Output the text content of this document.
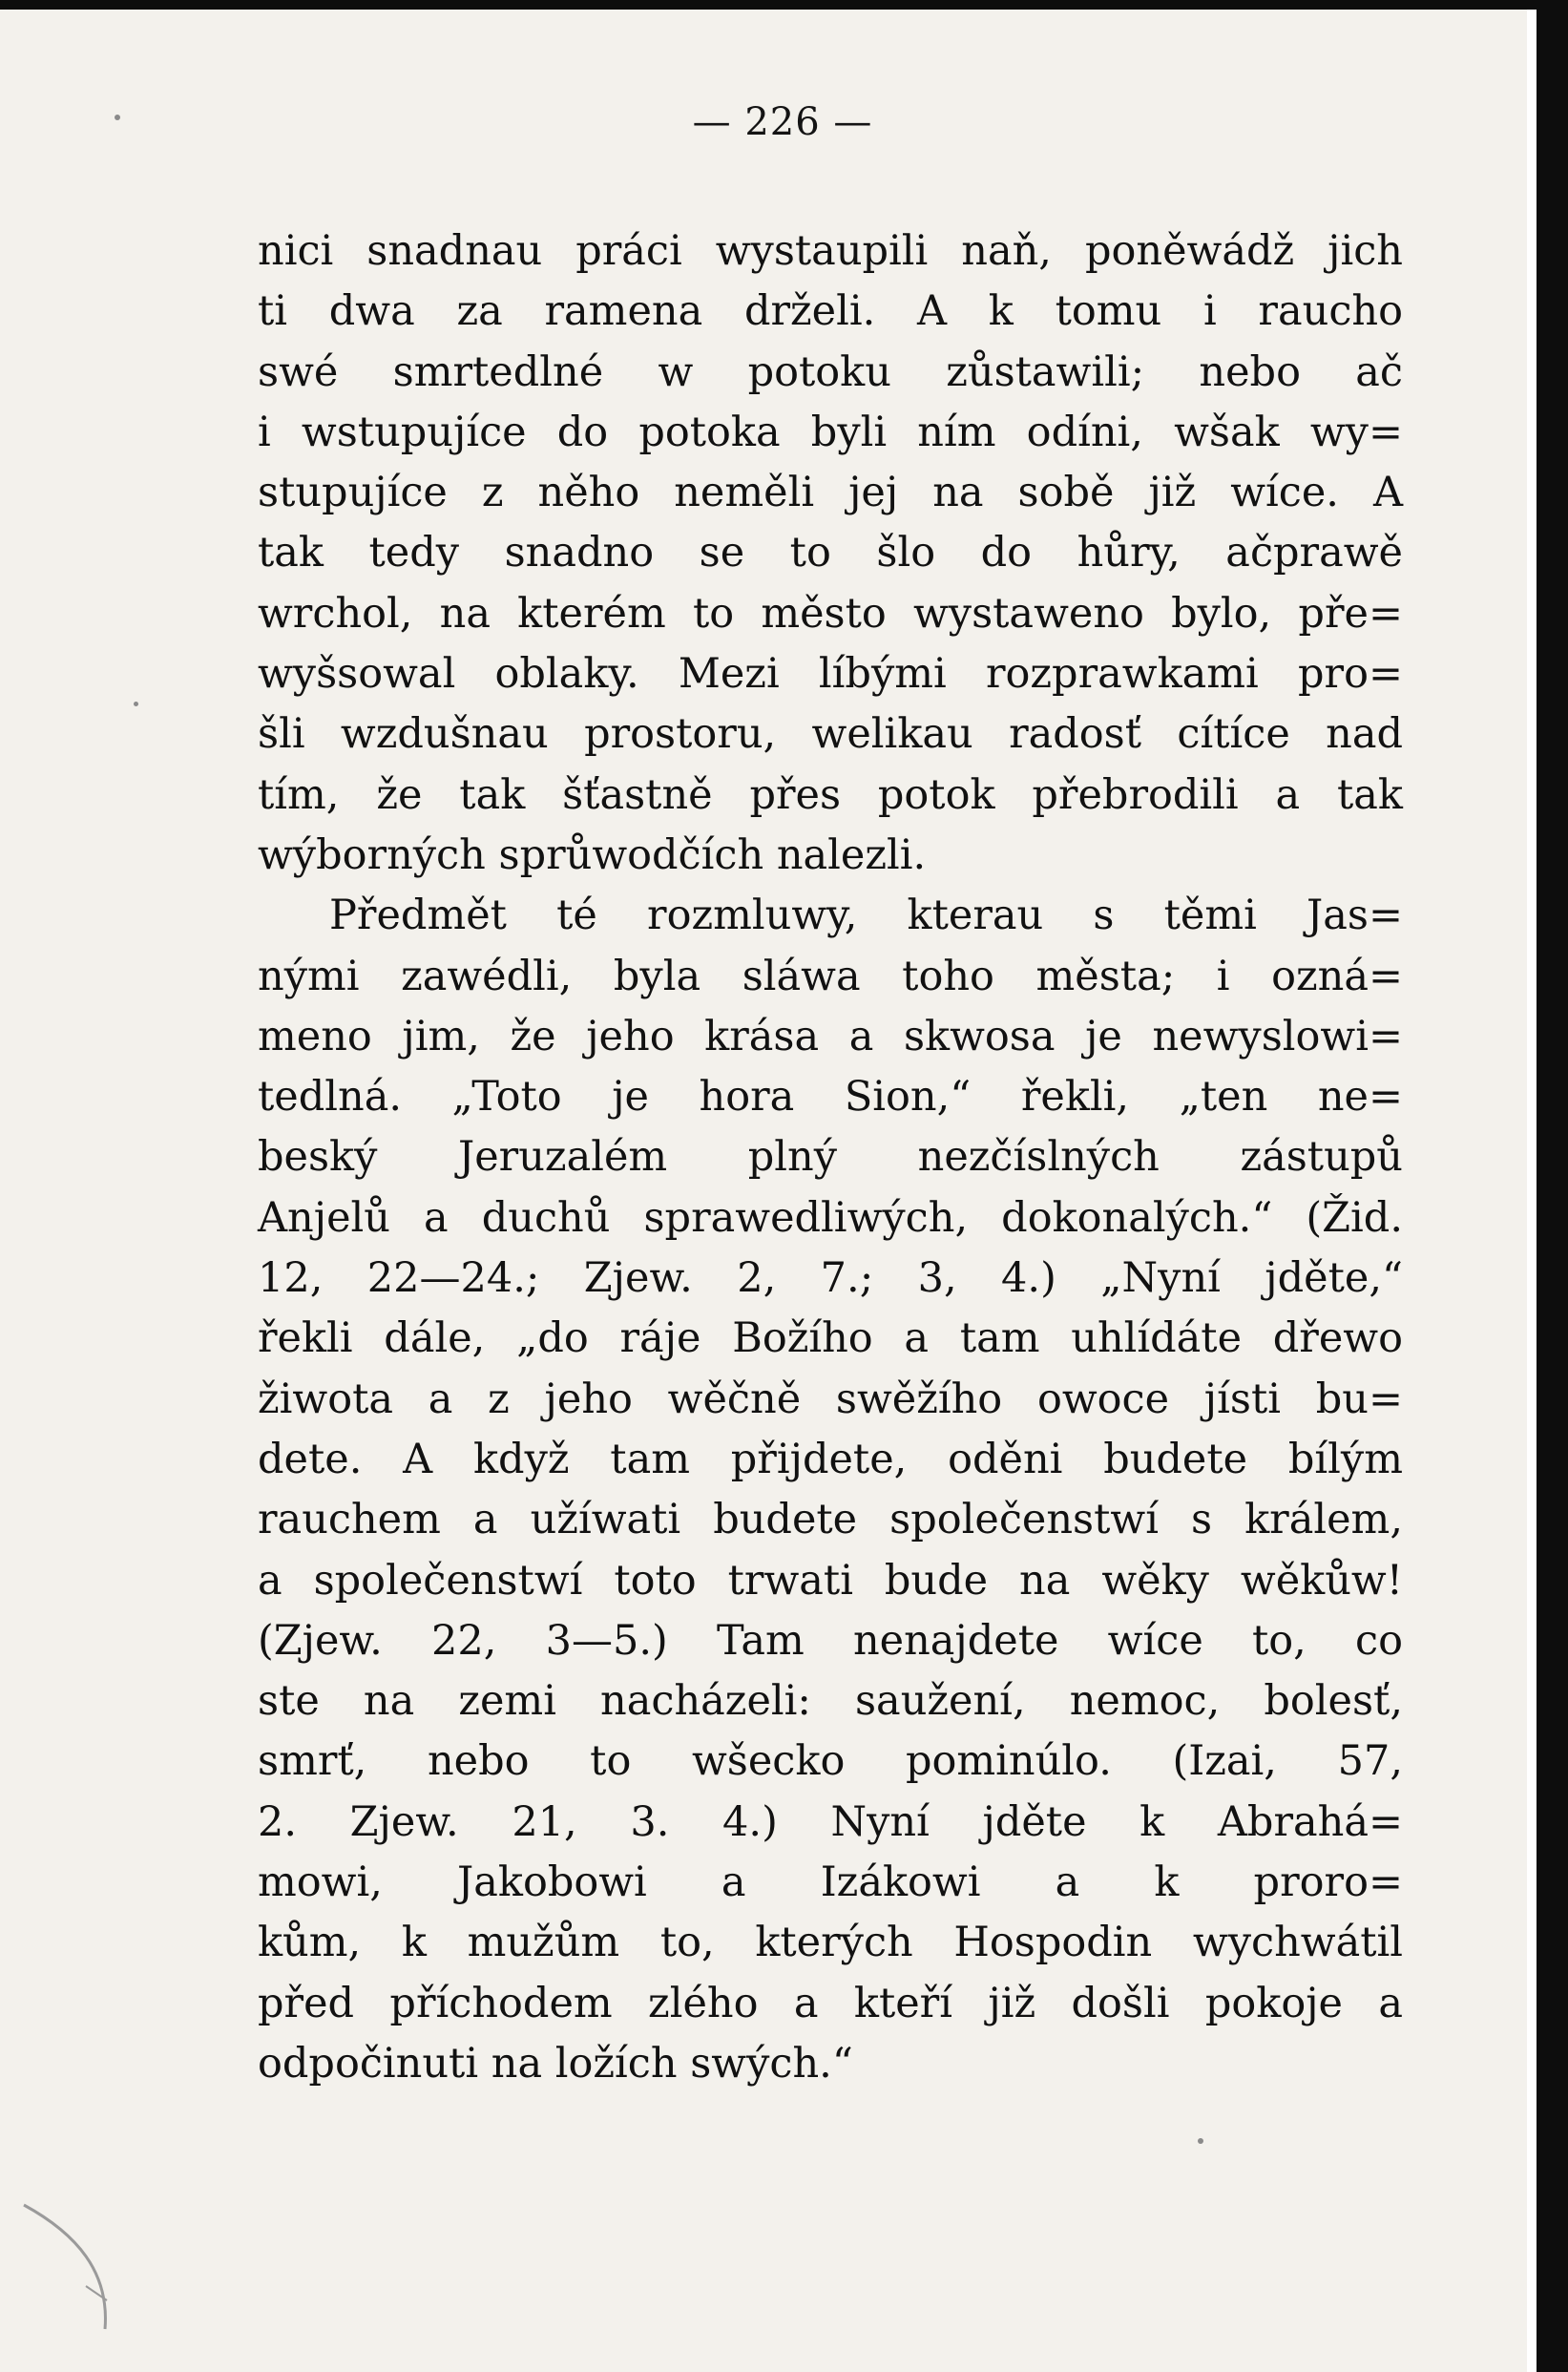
— 226 —
nici snadnau práci wystaupili naň, poněwádž jich
ti dwa za ramena drželi. A k tomu i raucho
swé smrtedlné w potoku zůstawili; nebo ač
i wstupujíce do potoka byli ním odíni, wšak wy=
stupujíce z něho neměli jej na sobě již wíce. A
tak tedy snadno se to šlo do hůry, ačprawě
wrchol, na kterém to město wystaweno bylo, pře=
wyšsowal oblaky. Mezi líbými rozprawkami pro=
šli wzdušnau prostoru, welikau radosť cítíce nad
tím, že tak šťastně přes potok přebrodili a tak
wýborných sprůwodčích nalezli.
Předmět té rozmluwy, kterau s těmi Jas=
nými zawédli, byla sláwa toho města; i ozná=
meno jim, že jeho krása a skwosa je newyslowi=
tedlná. „Toto je hora Sion,“ řekli, „ten ne=
beský Jeruzalém plný nezčíslných zástupů
Anjelů a duchů sprawedliwých, dokonalých.“ (Žid.
12, 22—24.; Zjew. 2, 7.; 3, 4.) „Nyní jděte,“
řekli dále, „do ráje Božího a tam uhlídáte dřewo
žiwota a z jeho wěčně swěžího owoce jísti bu=
dete. A když tam přijdete, oděni budete bílým
rauchem a užíwati budete společenstwí s králem,
a společenstwí toto trwati bude na wěky wěkůw!
(Zjew. 22, 3—5.) Tam nenajdete wíce to, co
ste na zemi nacházeli: saužení, nemoc, bolesť,
smrť, nebo to wšecko pominúlo. (Izai, 57,
2. Zjew. 21, 3. 4.) Nyní jděte k Abrahá=
mowi, Jakobowi a Izákowi a k proro=
kům, k mužům to, kterých Hospodin wychwátil
před příchodem zlého a kteří již došli pokoje a
odpočinuti na ložích swých.“
